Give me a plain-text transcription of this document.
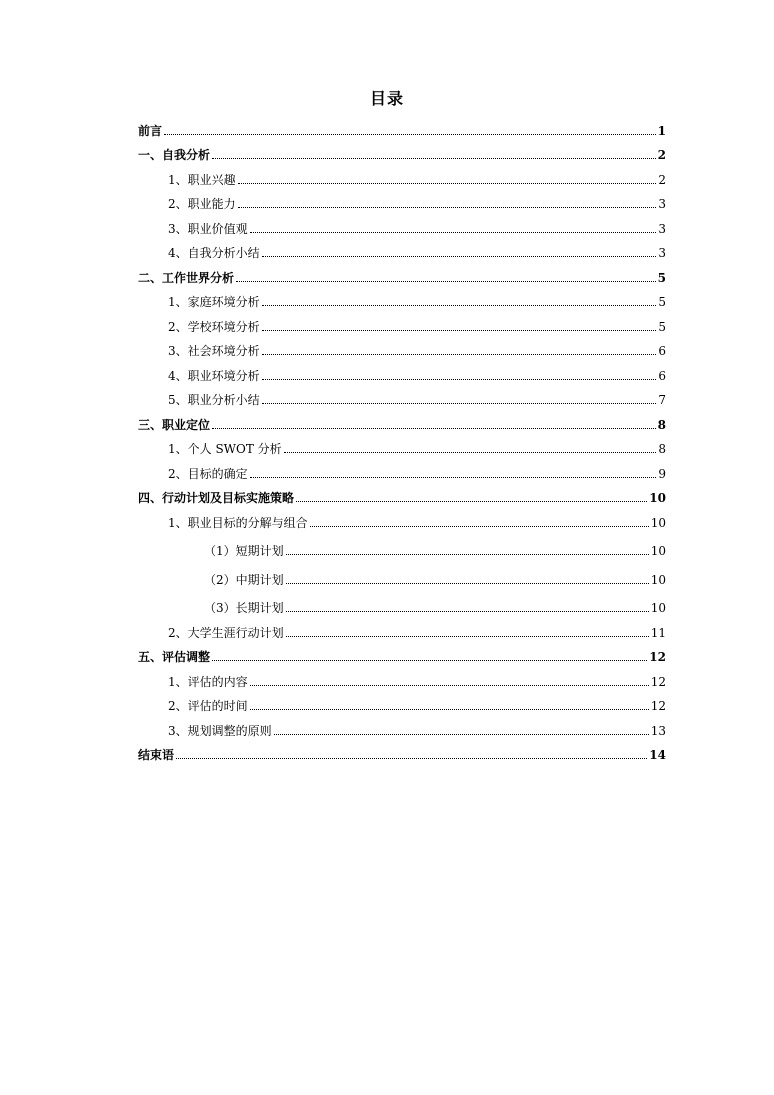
目录
前言	1
一、自我分析	2
1、职业兴趣	2
2、职业能力	3
3、职业价值观	3
4、自我分析小结	3
二、工作世界分析	5
1、家庭环境分析	5
2、学校环境分析	5
3、社会环境分析	6
4、职业环境分析	6
5、职业分析小结	7
三、职业定位	8
1、个人 SWOT 分析	8
2、目标的确定	9
四、行动计划及目标实施策略	10
1、职业目标的分解与组合	10
（1）短期计划	10
（2）中期计划	10
（3）长期计划	10
2、大学生涯行动计划	11
五、评估调整	12
1、评估的内容	12
2、评估的时间	12
3、规划调整的原则	13
结束语	14
